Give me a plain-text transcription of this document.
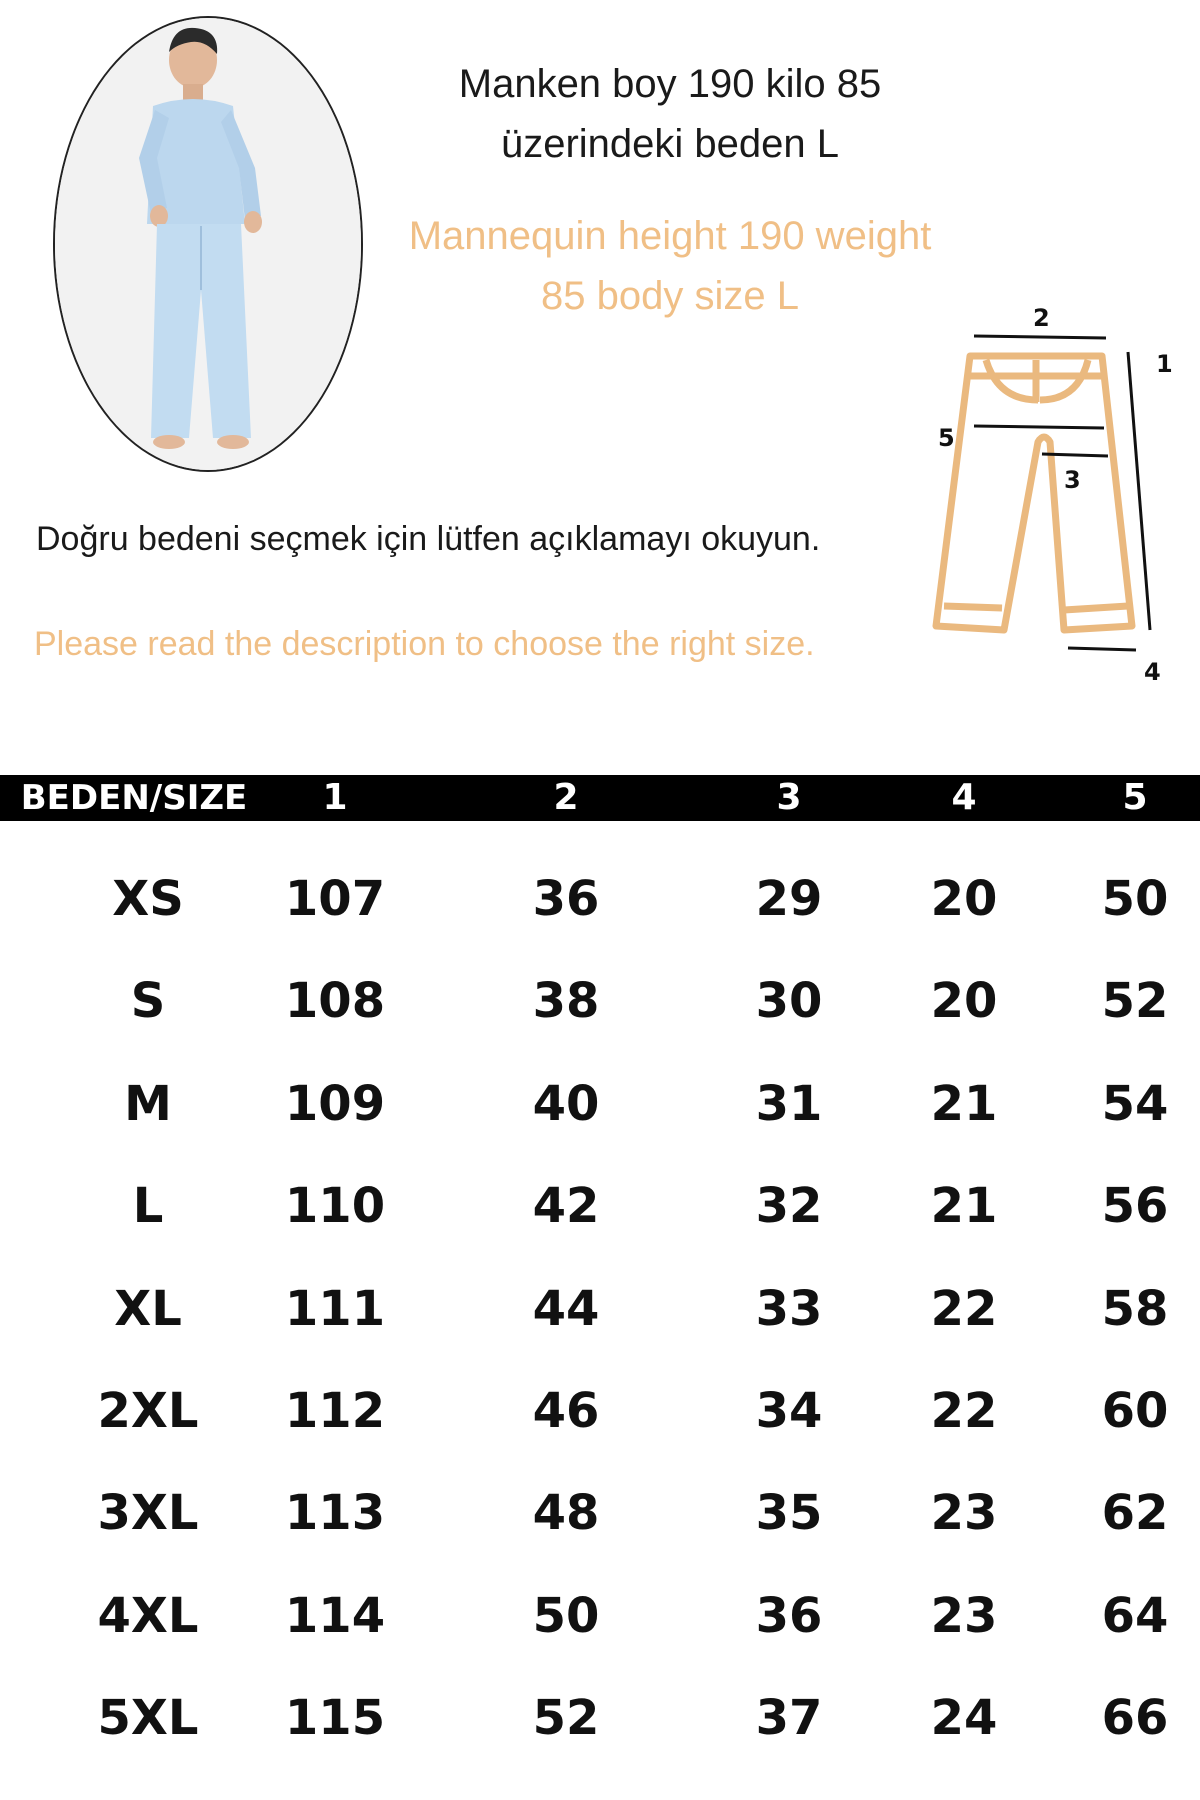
Manken boy 190 kilo 85
üzerindeki beden L
Mannequin height 190 weight
85 body size L
Doğru bedeni seçmek için lütfen açıklamayı okuyun.
Please read the description to choose the right size.
2
1
5
3
4
BEDEN/SIZE 1	2	3	4	5
XS 107	36	29 20 50
S 108	38	30 20 52
M 109	40	31 21 54
L	110	42	32 21 56
XL 111	44	33 22 58
2XL 112	46	34 22 60
3XL 113	48	35 23 62
4XL 114	50	36 23 64
5XL 115	52	37 24 66
